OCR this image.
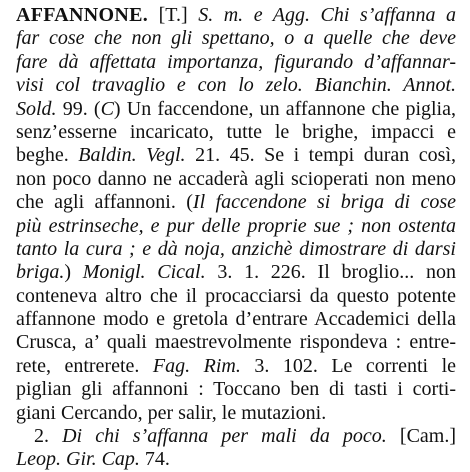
AFFANNONE. [T.] S. m. e Agg. Chi s’affanna a
far cose che non gli spettano, o a quelle che deve
fare dà affettata importanza, figurando d’affannar-
visi col travaglio e con lo zelo. Bianchin. Annot.
Sold. 99. (C) Un faccendone, un affannone che piglia,
senz’esserne incaricato, tutte le brighe, impacci e
beghe. Baldin. Vegl. 21. 45. Se i tempi duran così,
non poco danno ne accaderà agli scioperati non meno
che agli affannoni. (Il faccendone si briga di cose
più estrinseche, e pur delle proprie sue ; non ostenta
tanto la cura ; e dà noja, anzichè dimostrare di darsi
briga.) Monigl. Cical. 3. 1. 226. Il broglio... non
conteneva altro che il procacciarsi da questo potente
affannone modo e gretola d’entrare Accademici della
Crusca, a’ quali maestrevolmente rispondeva : entre-
rete, entrerete. Fag. Rim. 3. 102. Le correnti le
piglian gli affannoni : Toccano ben di tasti i corti-
giani Cercando, per salir, le mutazioni.
2. Di chi s’affanna per mali da poco. [Cam.]
Leop. Gir. Cap. 74.
